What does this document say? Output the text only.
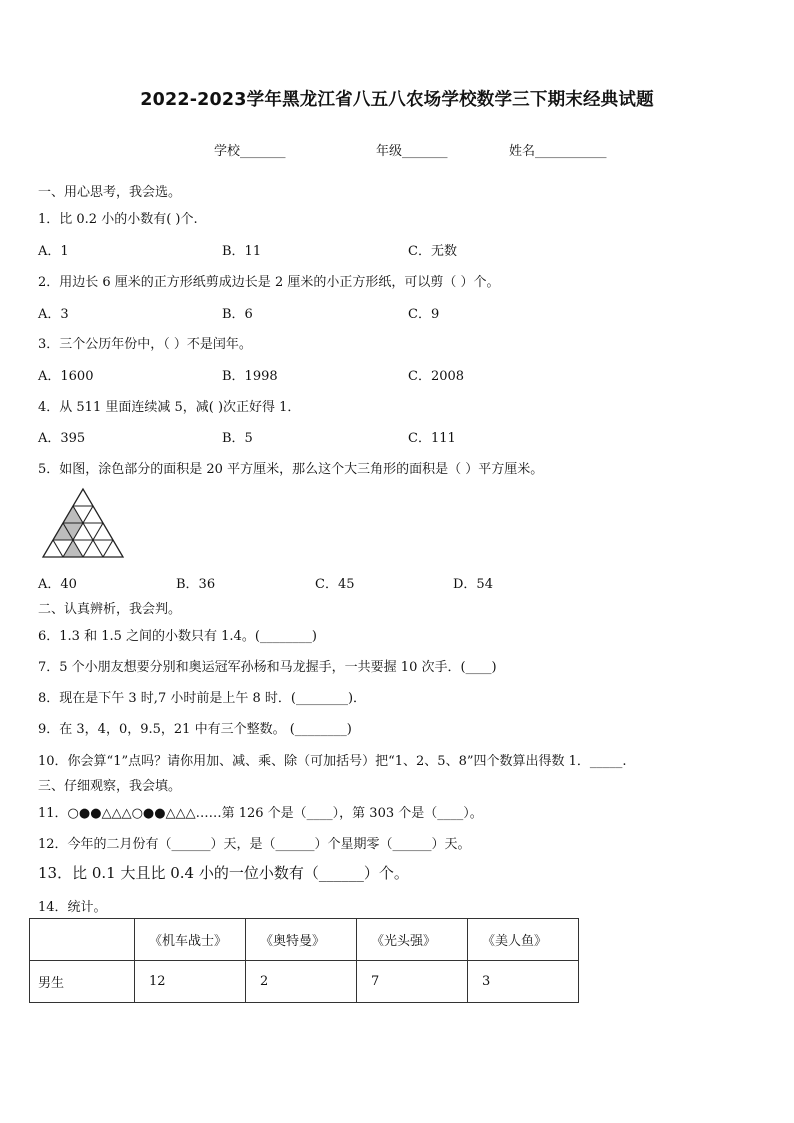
2022-2023学年黑龙江省八五八农场学校数学三下期末经典试题
学校_______	年级_______	姓名___________
一、用心思考，我会选。
1．比 0.2 小的小数有( )个.
A．1	B．11	C．无数
2．用边长 6 厘米的正方形纸剪成边长是 2 厘米的小正方形纸，可以剪（ ）个。
A．3	B．6	C．9
3．三个公历年份中，（ ）不是闰年。
A．1600	B．1998	C．2008
4．从 511 里面连续减 5，减( )次正好得 1．
A．395	B．5	C．111
5．如图，涂色部分的面积是 20 平方厘米，那么这个大三角形的面积是（ ）平方厘米。
A．40	B．36	C．45	D．54
二、认真辨析，我会判。
6．1.3 和 1.5 之间的小数只有 1.4。(________)
7．5 个小朋友想要分别和奥运冠军孙杨和马龙握手，一共要握 10 次手．(____)
8．现在是下午 3 时,7 小时前是上午 8 时．(________)．
9．在 3，4，0，9.5，21 中有三个整数。 (________)
10．你会算“1”点吗？请你用加、减、乘、除（可加括号）把“1、2、5、8”四个数算出得数 1．_____.
三、仔细观察，我会填。
11．○●●△△△○●●△△△……第 126 个是（____），第 303 个是（____）。
12．今年的二月份有（______）天，是（______）个星期零（______）天。
13．比 0.1 大且比 0.4 小的一位小数有（______）个。
14．统计。
	《机车战士》	《奥特曼》	《光头强》	《美人鱼》
男生	12	2	7	3
